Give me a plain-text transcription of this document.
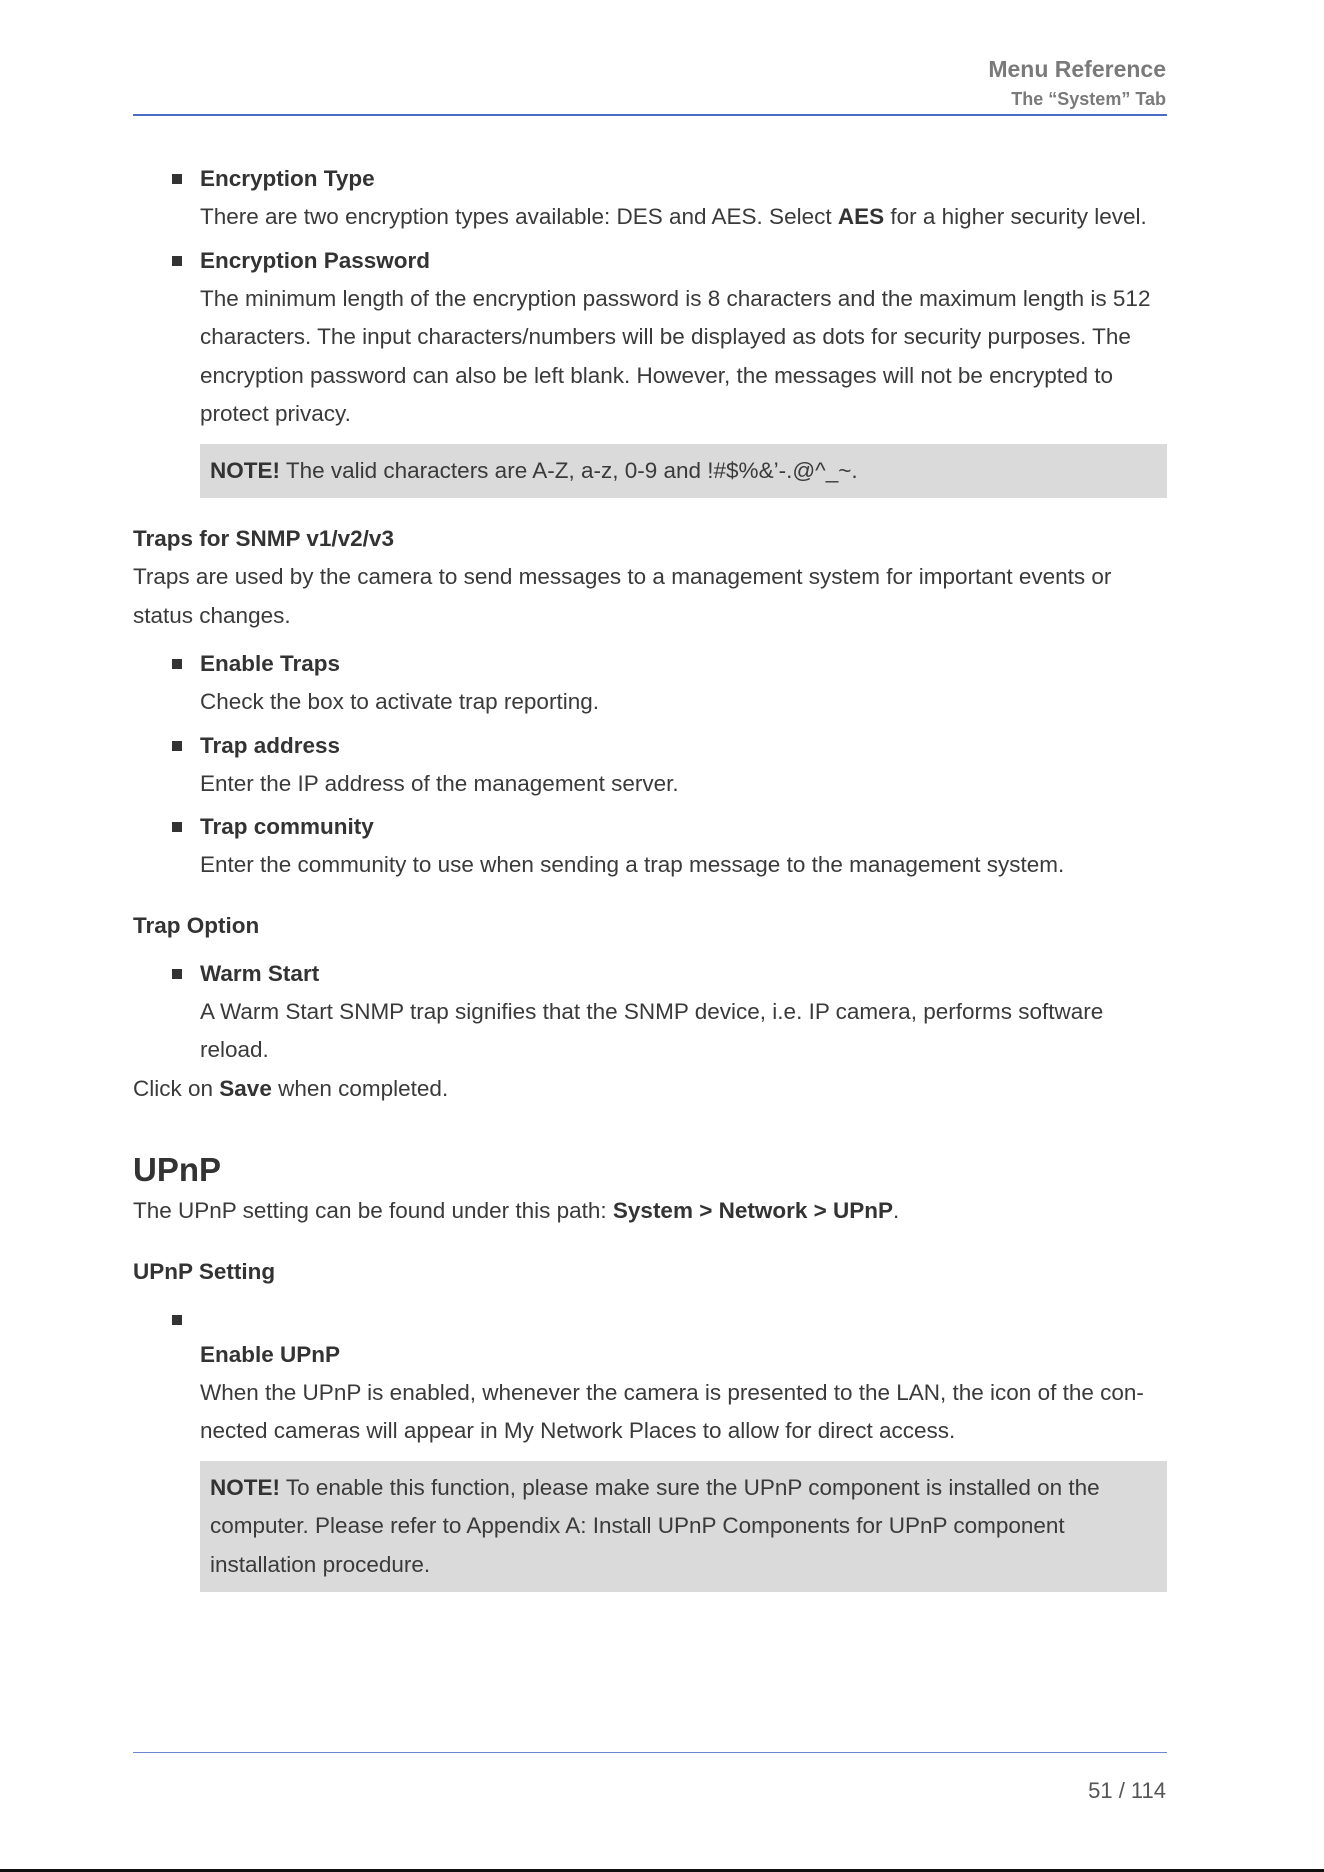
Menu Reference
The “System” Tab
Encryption Type

There are two encryption types available: DES and AES. Select AES for a higher security level.

Encryption Password

The minimum length of the encryption password is 8 characters and the maximum length is 512 characters. The input characters/numbers will be displayed as dots for security purposes. The encryption password can also be left blank. However, the messages will not be encrypted to protect privacy.

NOTE! The valid characters are A-Z, a-z, 0-9 and !#$%&’-.@^_~.
Traps for SNMP v1/v2/v3

Traps are used by the camera to send messages to a management system for important events or status changes.

Enable Traps

Check the box to activate trap reporting.

Trap address

Enter the IP address of the management server.

Trap community

Enter the community to use when sending a trap message to the management system.

Trap Option
Warm Start

A Warm Start SNMP trap signifies that the SNMP device, i.e. IP camera, performs software reload.

Click on Save when completed.

UPnP

The UPnP setting can be found under this path: System > Network > UPnP.

UPnP Setting
Enable UPnP

When the UPnP is enabled, whenever the camera is presented to the LAN, the icon of the con-nected cameras will appear in My Network Places to allow for direct access.

NOTE! To enable this function, please make sure the UPnP component is installed on the computer. Please refer to Appendix A: Install UPnP Components for UPnP component installation procedure.
51 / 114
